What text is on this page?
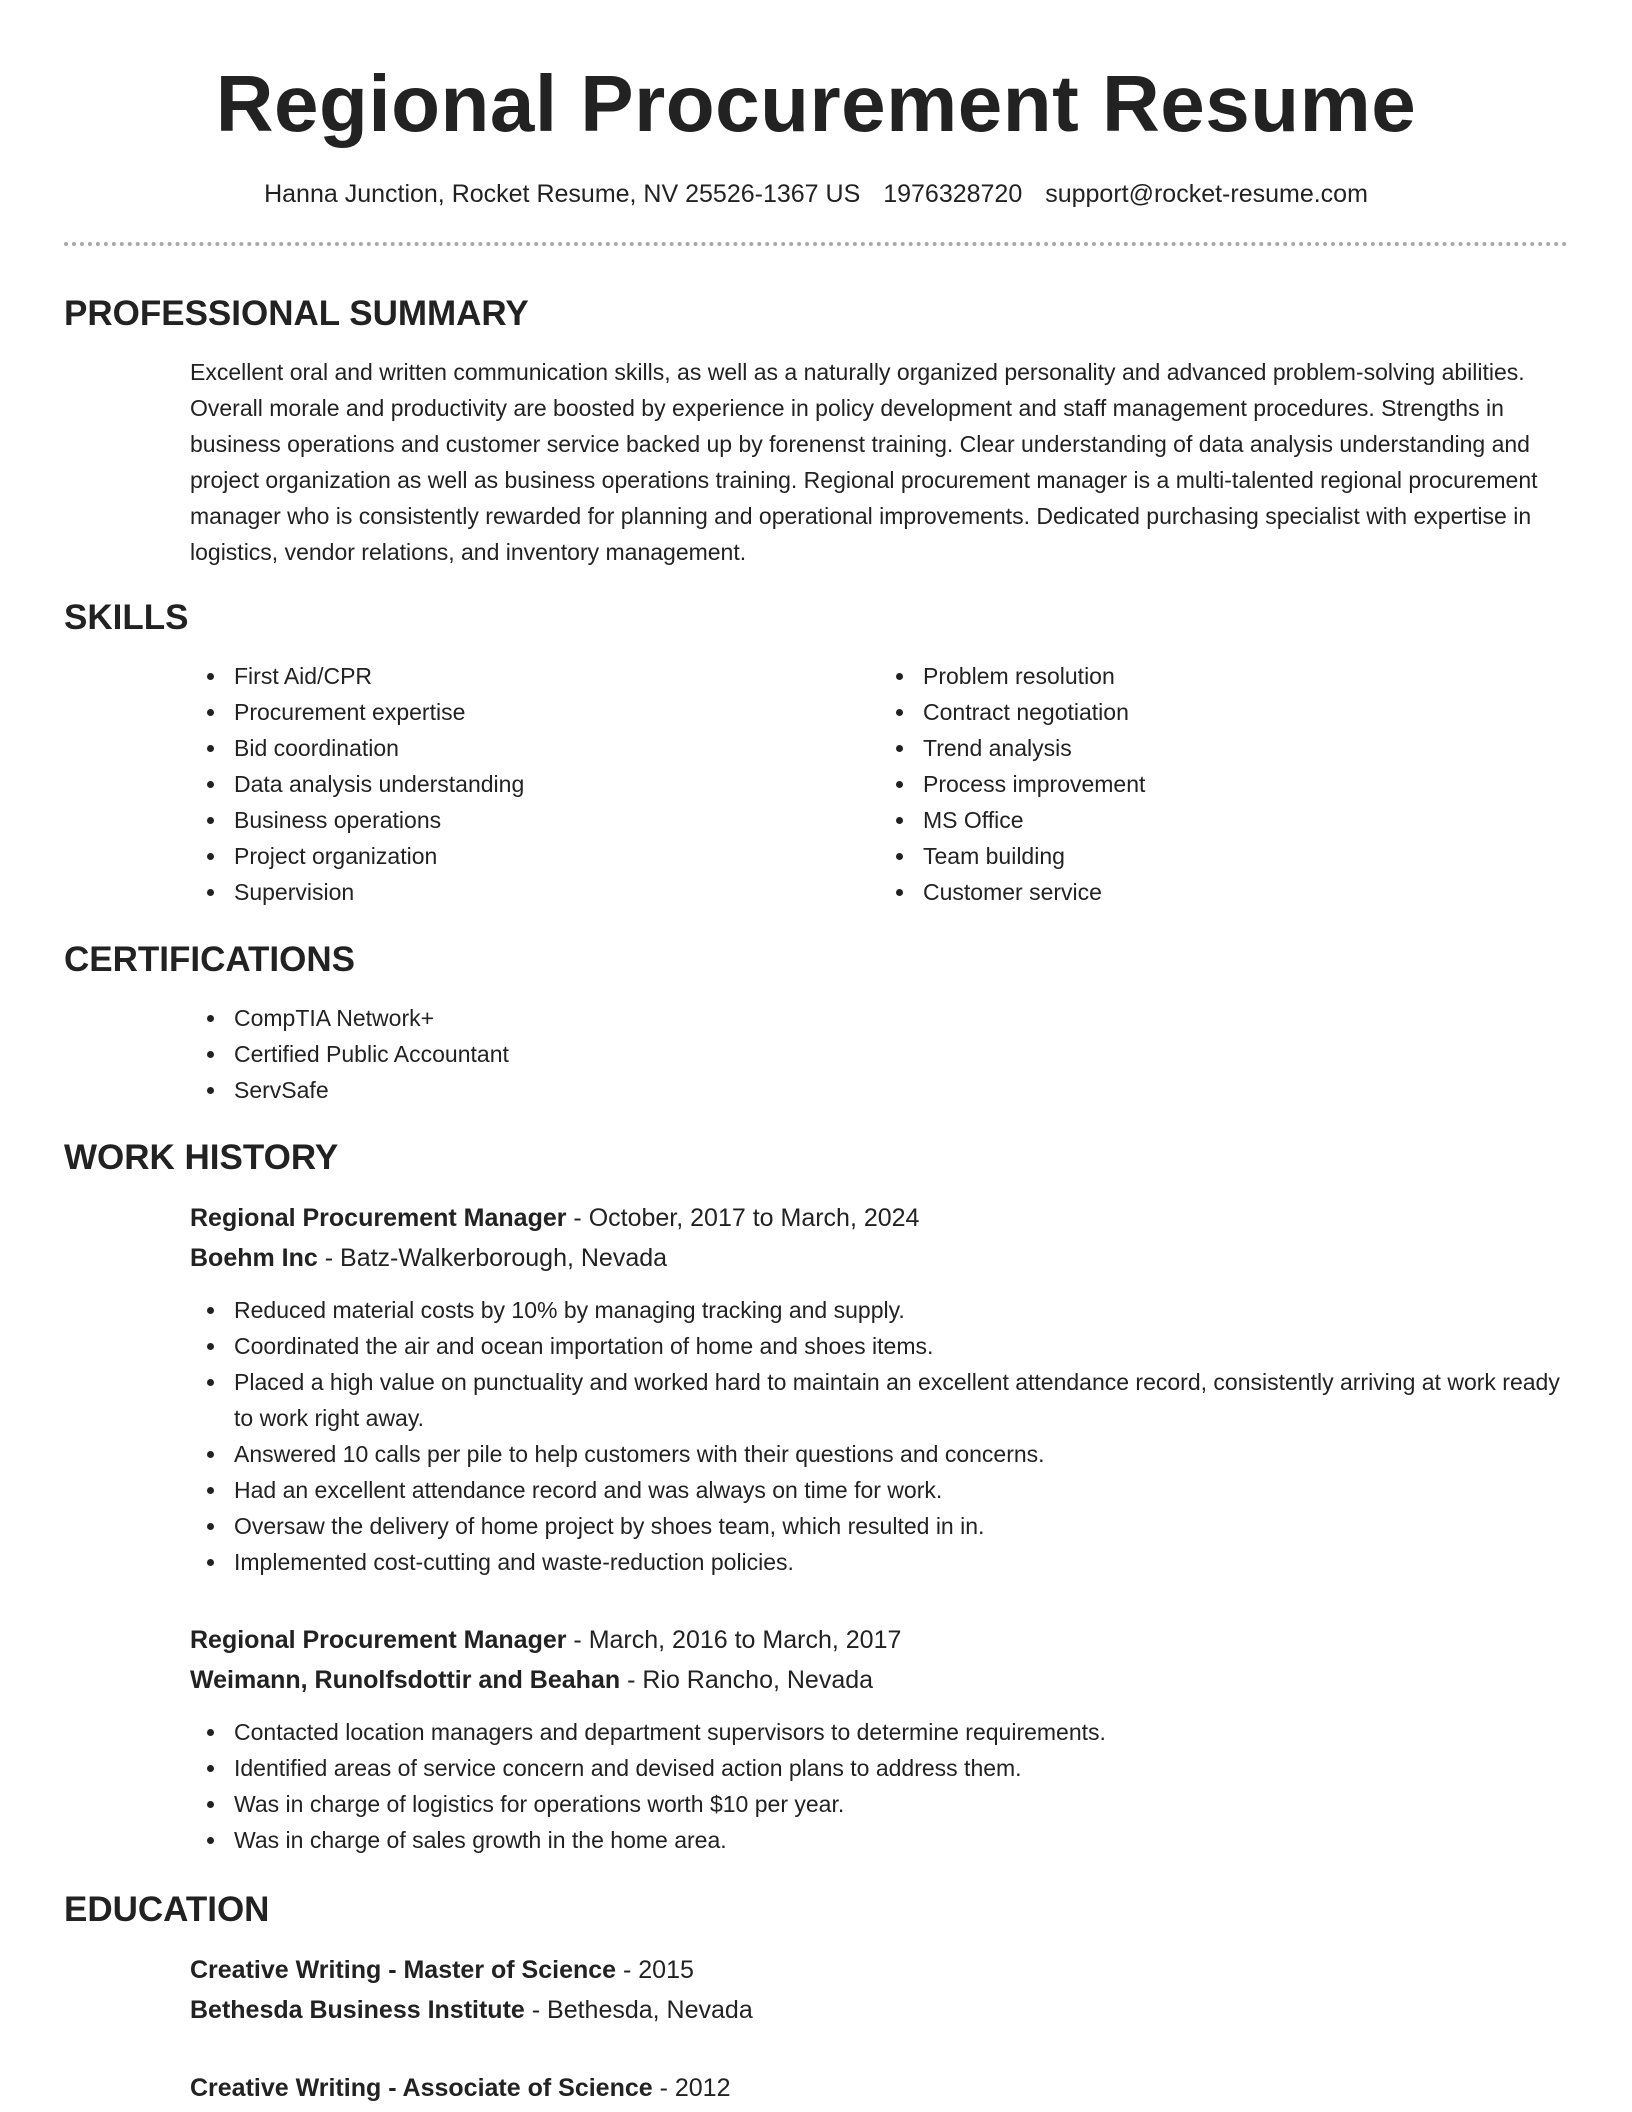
Regional Procurement Resume
Hanna Junction, Rocket Resume, NV 25526-1367 US 1976328720 support@rocket-resume.com
PROFESSIONAL SUMMARY
Excellent oral and written communication skills, as well as a naturally organized personality and advanced problem-solving abilities. Overall morale and productivity are boosted by experience in policy development and staff management procedures. Strengths in business operations and customer service backed up by forenenst training. Clear understanding of data analysis understanding and project organization as well as business operations training. Regional procurement manager is a multi-talented regional procurement manager who is consistently rewarded for planning and operational improvements. Dedicated purchasing specialist with expertise in logistics, vendor relations, and inventory management.
SKILLS
First Aid/CPR
Procurement expertise
Bid coordination
Data analysis understanding
Business operations
Project organization
Supervision
Problem resolution
Contract negotiation
Trend analysis
Process improvement
MS Office
Team building
Customer service
CERTIFICATIONS
CompTIA Network+
Certified Public Accountant
ServSafe
WORK HISTORY
Regional Procurement Manager - October, 2017 to March, 2024
Boehm Inc - Batz-Walkerborough, Nevada
Reduced material costs by 10% by managing tracking and supply.
Coordinated the air and ocean importation of home and shoes items.
Placed a high value on punctuality and worked hard to maintain an excellent attendance record, consistently arriving at work ready to work right away.
Answered 10 calls per pile to help customers with their questions and concerns.
Had an excellent attendance record and was always on time for work.
Oversaw the delivery of home project by shoes team, which resulted in in.
Implemented cost-cutting and waste-reduction policies.
Regional Procurement Manager - March, 2016 to March, 2017
Weimann, Runolfsdottir and Beahan - Rio Rancho, Nevada
Contacted location managers and department supervisors to determine requirements.
Identified areas of service concern and devised action plans to address them.
Was in charge of logistics for operations worth $10 per year.
Was in charge of sales growth in the home area.
EDUCATION
Creative Writing - Master of Science - 2015
Bethesda Business Institute - Bethesda, Nevada
Creative Writing - Associate of Science - 2012
